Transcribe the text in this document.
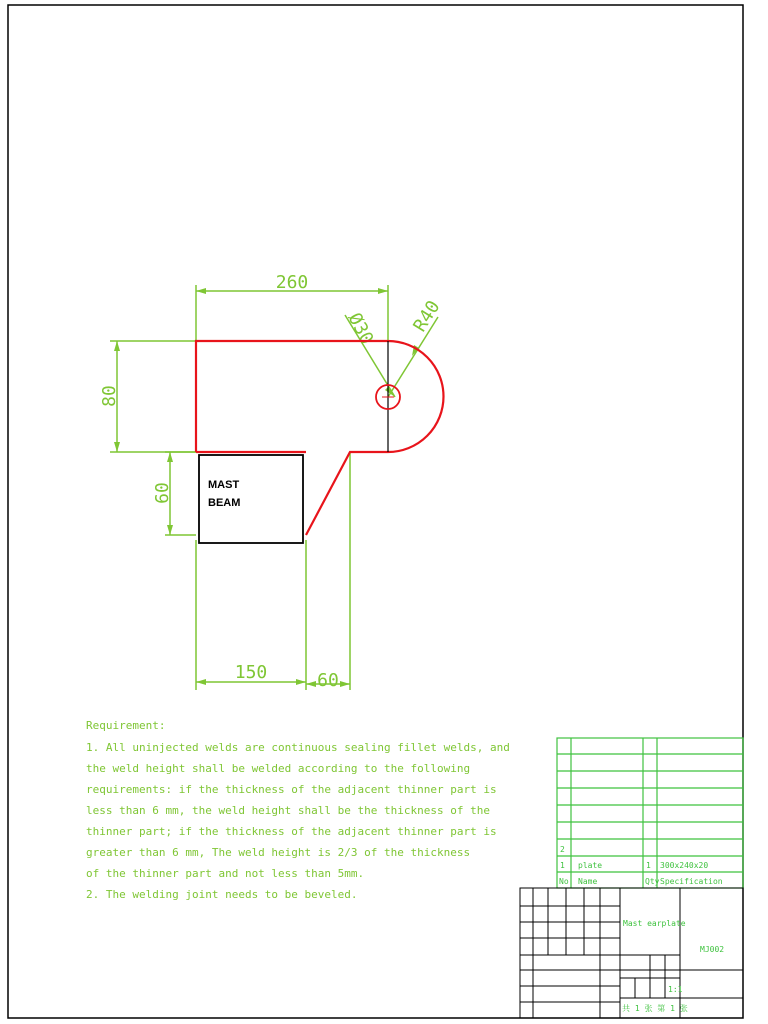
260
Ø30 R40
80
60
150	60
MAST
BEAM
Requirement:
1. All uninjected welds are continuous sealing fillet welds, and
the weld height shall be welded according to the following
requirements: if the thickness of the adjacent thinner part is
less than 6 mm, the weld height shall be the thickness of the
thinner part; if the thickness of the adjacent thinner part is
greater than 6 mm, The weld height is 2/3 of the thickness
of the thinner part and not less than 5mm.
2. The welding joint needs to be beveled.
2
1 plate	1 300x240x20
No. Name	Qty Specification
Mast earplate
MJ002
1:1
共 1 张 第 1 张
